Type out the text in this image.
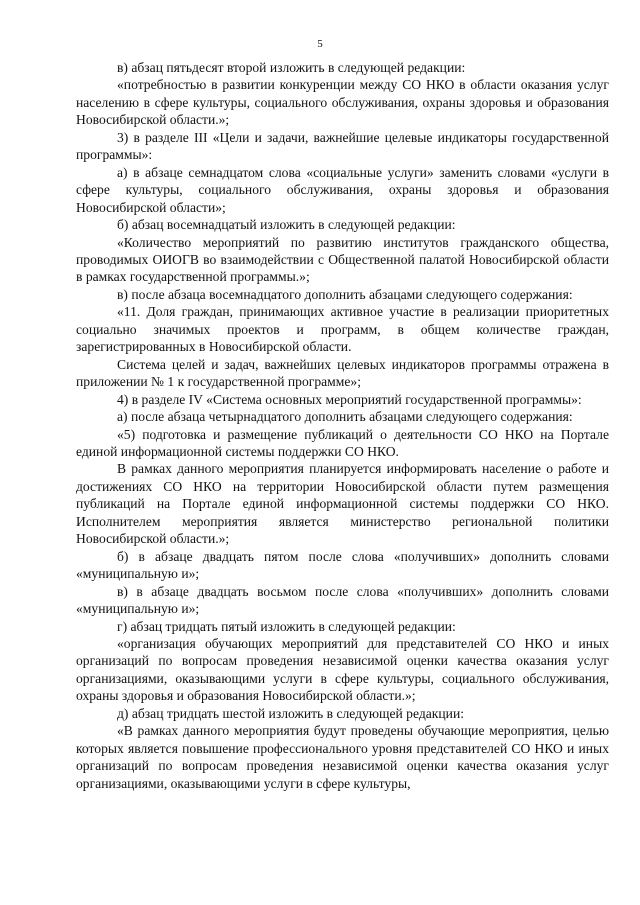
5

в) абзац пятьдесят второй изложить в следующей редакции:

«потребностью в развитии конкуренции между СО НКО в области оказания услуг населению в сфере культуры, социального обслуживания, охраны здоровья и образования Новосибирской области.»;

3) в разделе III «Цели и задачи, важнейшие целевые индикаторы государственной программы»:

а) в абзаце семнадцатом слова «социальные услуги» заменить словами «услуги в сфере культуры, социального обслуживания, охраны здоровья и образования Новосибирской области»;

б) абзац восемнадцатый изложить в следующей редакции:

«Количество мероприятий по развитию институтов гражданского общества, проводимых ОИОГВ во взаимодействии с Общественной палатой Новосибирской области в рамках государственной программы.»;

в) после абзаца восемнадцатого дополнить абзацами следующего содержания:

«11. Доля граждан, принимающих активное участие в реализации приоритетных социально значимых проектов и программ, в общем количестве граждан, зарегистрированных в Новосибирской области.

Система целей и задач, важнейших целевых индикаторов программы отражена в приложении № 1 к государственной программе»;

4) в разделе IV «Система основных мероприятий государственной программы»:

а) после абзаца четырнадцатого дополнить абзацами следующего содержания:

«5) подготовка и размещение публикаций о деятельности СО НКО на Портале единой информационной системы поддержки СО НКО.

В рамках данного мероприятия планируется информировать население о работе и достижениях СО НКО на территории Новосибирской области путем размещения публикаций на Портале единой информационной системы поддержки СО НКО. Исполнителем мероприятия является министерство региональной политики Новосибирской области.»;

б) в абзаце двадцать пятом после слова «получивших» дополнить словами «муниципальную и»;

в) в абзаце двадцать восьмом после слова «получивших» дополнить словами «муниципальную и»;

г) абзац тридцать пятый изложить в следующей редакции:

«организация обучающих мероприятий для представителей СО НКО и иных организаций по вопросам проведения независимой оценки качества оказания услуг организациями, оказывающими услуги в сфере культуры, социального обслуживания, охраны здоровья и образования Новосибирской области.»;

д) абзац тридцать шестой изложить в следующей редакции:

«В рамках данного мероприятия будут проведены обучающие мероприятия, целью которых является повышение профессионального уровня представителей СО НКО и иных организаций по вопросам проведения независимой оценки качества оказания услуг организациями, оказывающими услуги в сфере культуры,
